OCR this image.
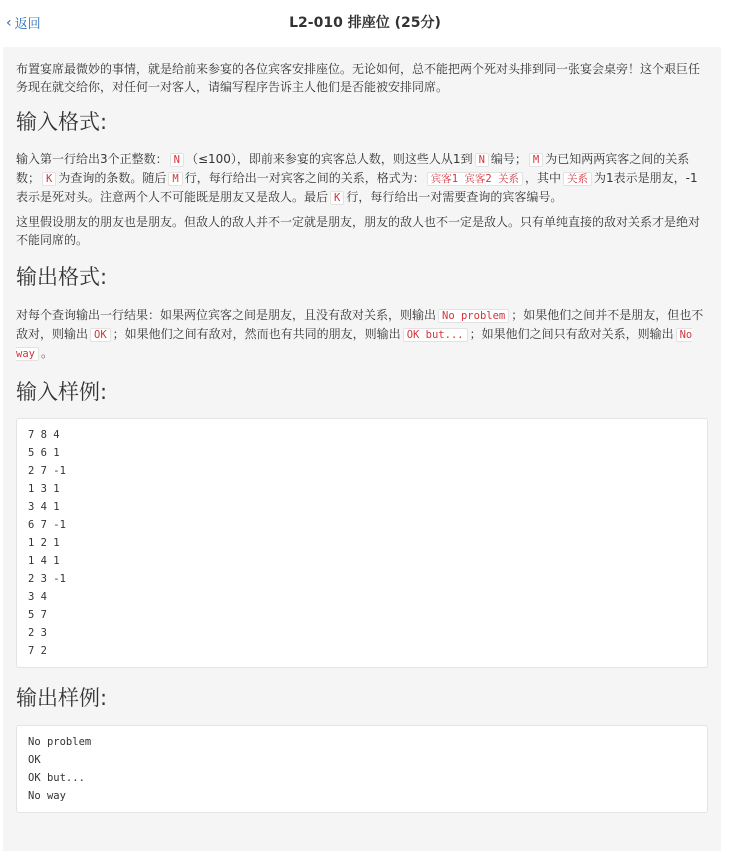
‹ 返回	L2-010 排座位 (25分)

布置宴席最微妙的事情，就是给前来参宴的各位宾客安排座位。无论如何，总不能把两个死对头排到同一张宴会桌旁！这个艰巨任务现在就交给你，对任何一对客人，请编写程序告诉主人他们是否能被安排同席。

输入格式:

输入第一行给出3个正整数： N （≤100），即前来参宴的宾客总人数，则这些人从1到 N 编号； M 为已知两两宾客之间的关系数； K 为查询的条数。随后 M 行，每行给出一对宾客之间的关系，格式为： 宾客1 宾客2 关系 ，其中 关系 为1表示是朋友，-1表示是死对头。注意两个人不可能既是朋友又是敌人。最后 K 行，每行给出一对需要查询的宾客编号。

这里假设朋友的朋友也是朋友。但敌人的敌人并不一定就是朋友，朋友的敌人也不一定是敌人。只有单纯直接的敌对关系才是绝对不能同席的。

输出格式:

对每个查询输出一行结果：如果两位宾客之间是朋友，且没有敌对关系，则输出 No problem ；如果他们之间并不是朋友，但也不敌对，则输出 OK ；如果他们之间有敌对，然而也有共同的朋友，则输出 OK but... ；如果他们之间只有敌对关系，则输出 No way 。

输入样例:
7 8 4
5 6 1
2 7 -1
1 3 1
3 4 1
6 7 -1
1 2 1
1 4 1
2 3 -1
3 4
5 7
2 3
7 2
输出样例:
No problem
OK
OK but...
No way
